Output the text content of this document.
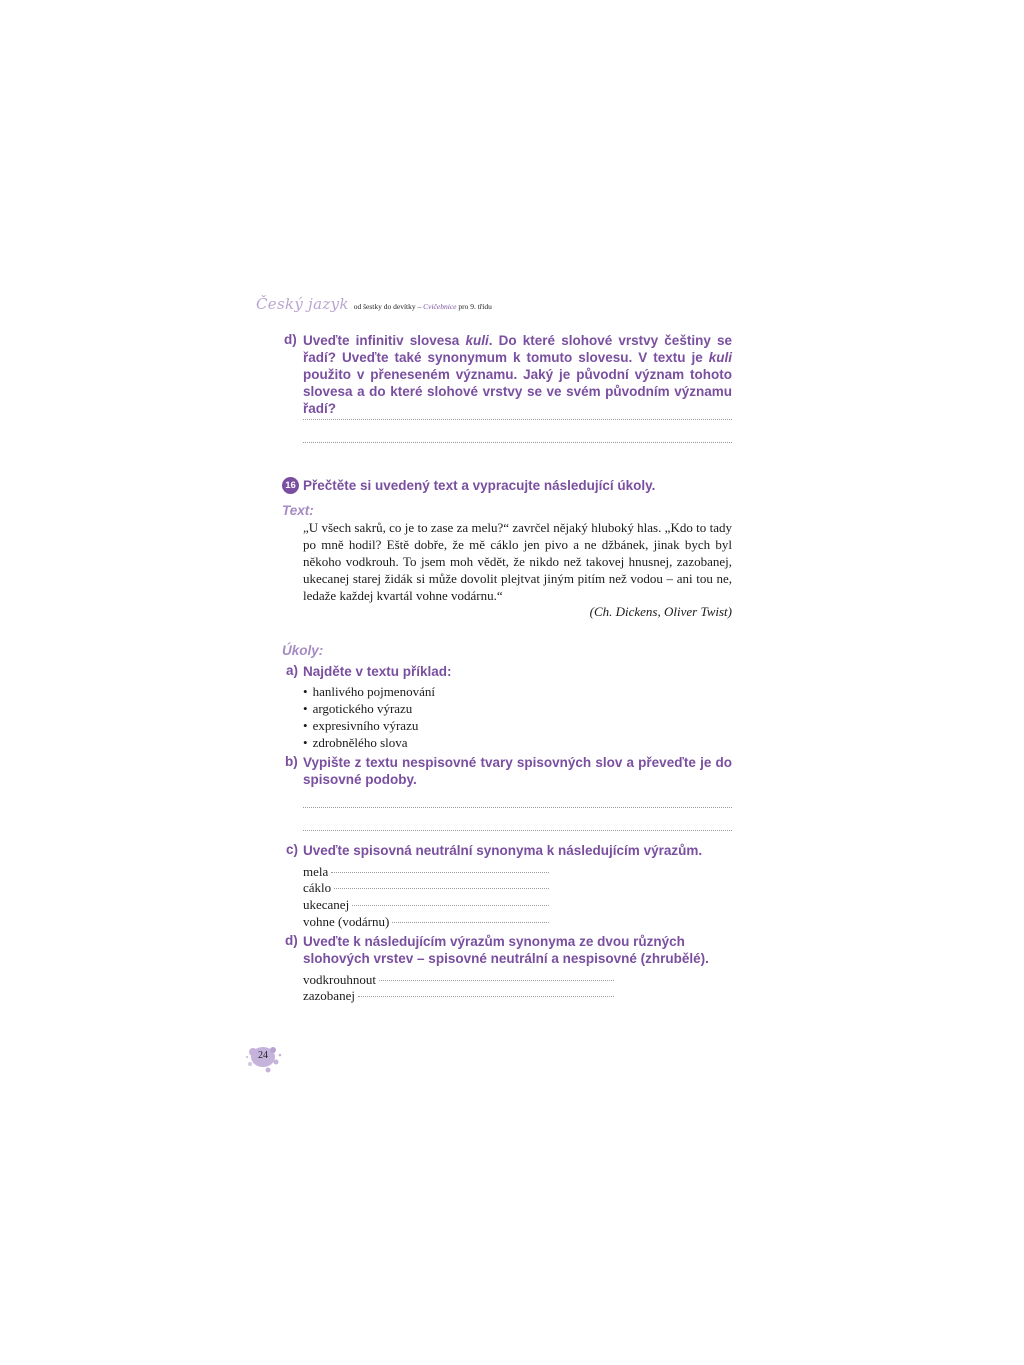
Český jazyk od šestky do devítky – Cvičebnice pro 9. třídu
d) Uveďte infinitiv slovesa kuli. Do které slohové vrstvy češtiny se řadí? Uveďte také synonymum k tomuto slovesu. V textu je kuli použito v přeneseném významu. Jaký je původní význam tohoto slovesa a do které slohové vrstvy se ve svém původním významu řadí?
16 Přečtěte si uvedený text a vypracujte následující úkoly.
Text:
„U všech sakrů, co je to zase za melu?“ zavrčel nějaký hluboký hlas. „Kdo to tady po mně hodil? Eště dobře, že mě cáklo jen pivo a ne džbánek, jinak bych byl někoho vodkrouh. To jsem moh vědět, že nikdo než takovej hnusnej, zazobanej, ukecanej starej židák si může dovolit plejtvat jiným pitím než vodou – ani tou ne, ledaže každej kvartál vohne vodárnu.“
(Ch. Dickens, Oliver Twist)
Úkoly:
a) Najděte v textu příklad:
• hanlivého pojmenování
• argotického výrazu
• expresivního výrazu
• zdrobnělého slova
b) Vypište z textu nespisovné tvary spisovných slov a převeďte je do spisovné podoby.
c) Uveďte spisovná neutrální synonyma k následujícím výrazům.
mela
cáklo
ukecanej
vohne (vodárnu)
d) Uveďte k následujícím výrazům synonyma ze dvou různých slohových vrstev – spisovné neutrální a nespisovné (zhrubělé).
vodkrouhnout
zazobanej
24
